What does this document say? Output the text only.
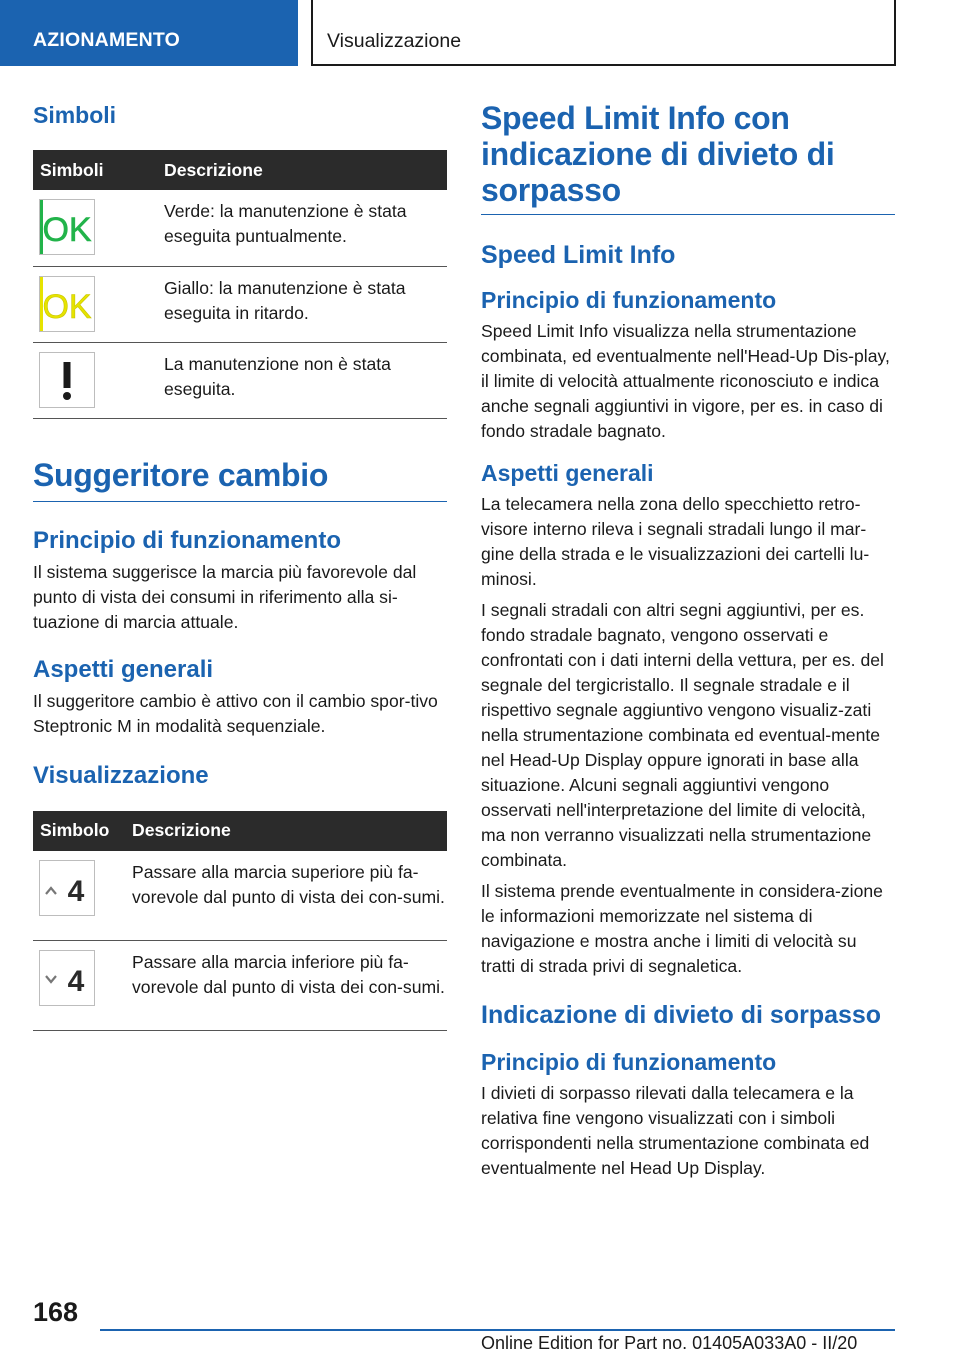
AZIONAMENTO	Visualizzazione
Simboli
Simboli	Descrizione

OK	Verde: la manutenzione è stata eseguita puntualmente.

OK	Giallo: la manutenzione è stata eseguita in ritardo.

	La manutenzione non è stata eseguita.
Suggeritore cambio
Principio di funzionamento
Il sistema suggerisce la marcia più favorevole dal punto di vista dei consumi in riferimento alla si-tuazione di marcia attuale.
Aspetti generali
Il suggeritore cambio è attivo con il cambio spor-tivo Steptronic M in modalità sequenziale.
Visualizzazione
Simbolo	Descrizione

4	Passare alla marcia superiore più fa-vorevole dal punto di vista dei con-sumi.

4	Passare alla marcia inferiore più fa-vorevole dal punto di vista dei con-sumi.
Speed Limit Info con indicazione di divieto di sorpasso
Speed Limit Info
Principio di funzionamento
Speed Limit Info visualizza nella strumentazione combinata, ed eventualmente nell'Head-Up Dis-play, il limite di velocità attualmente riconosciuto e indica anche segnali aggiuntivi in vigore, per es. in caso di fondo stradale bagnato.
Aspetti generali
La telecamera nella zona dello specchietto retro-visore interno rileva i segnali stradali lungo il mar-gine della strada e le visualizzazioni dei cartelli lu-minosi.
I segnali stradali con altri segni aggiuntivi, per es. fondo stradale bagnato, vengono osservati e confrontati con i dati interni della vettura, per es. del segnale del tergicristallo. Il segnale stradale e il rispettivo segnale aggiuntivo vengono visualiz-zati nella strumentazione combinata ed eventual-mente nel Head-Up Display oppure ignorati in base alla situazione. Alcuni segnali aggiuntivi vengono osservati nell'interpretazione del limite di velocità, ma non verranno visualizzati nella strumentazione combinata.
Il sistema prende eventualmente in considera-zione le informazioni memorizzate nel sistema di navigazione e mostra anche i limiti di velocità su tratti di strada privi di segnaletica.
Indicazione di divieto di sorpasso
Principio di funzionamento
I divieti di sorpasso rilevati dalla telecamera e la relativa fine vengono visualizzati con i simboli corrispondenti nella strumentazione combinata ed eventualmente nel Head Up Display.
168
Online Edition for Part no. 01405A033A0 - II/20
